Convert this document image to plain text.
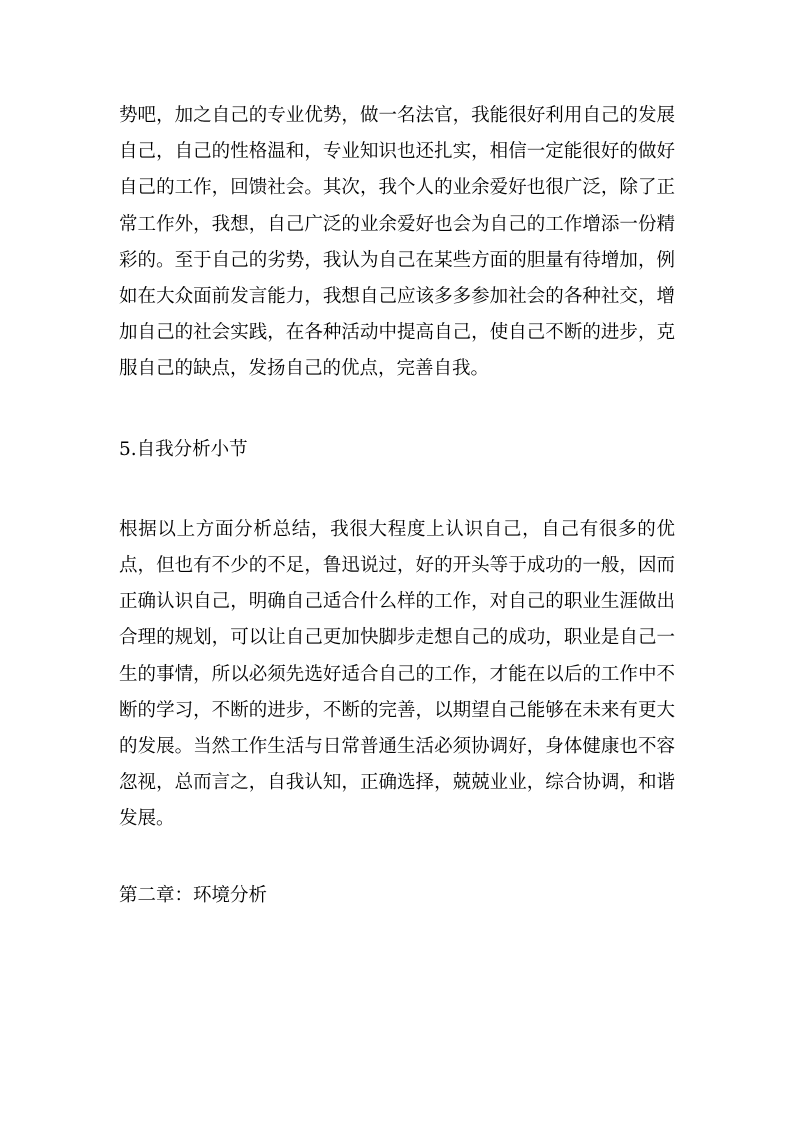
势吧，加之自己的专业优势，做一名法官，我能很好利用自己的发展自己，自己的性格温和，专业知识也还扎实，相信一定能很好的做好自己的工作，回馈社会。其次，我个人的业余爱好也很广泛，除了正常工作外，我想，自己广泛的业余爱好也会为自己的工作增添一份精彩的。至于自己的劣势，我认为自己在某些方面的胆量有待增加，例如在大众面前发言能力，我想自己应该多多参加社会的各种社交，增加自己的社会实践，在各种活动中提高自己，使自己不断的进步，克服自己的缺点，发扬自己的优点，完善自我。

5.自我分析小节

根据以上方面分析总结，我很大程度上认识自己，自己有很多的优点，但也有不少的不足，鲁迅说过，好的开头等于成功的一般，因而正确认识自己，明确自己适合什么样的工作，对自己的职业生涯做出合理的规划，可以让自己更加快脚步走想自己的成功，职业是自己一生的事情，所以必须先选好适合自己的工作，才能在以后的工作中不断的学习，不断的进步，不断的完善，以期望自己能够在未来有更大的发展。当然工作生活与日常普通生活必须协调好，身体健康也不容忽视，总而言之，自我认知，正确选择，兢兢业业，综合协调，和谐发展。

第二章：环境分析
